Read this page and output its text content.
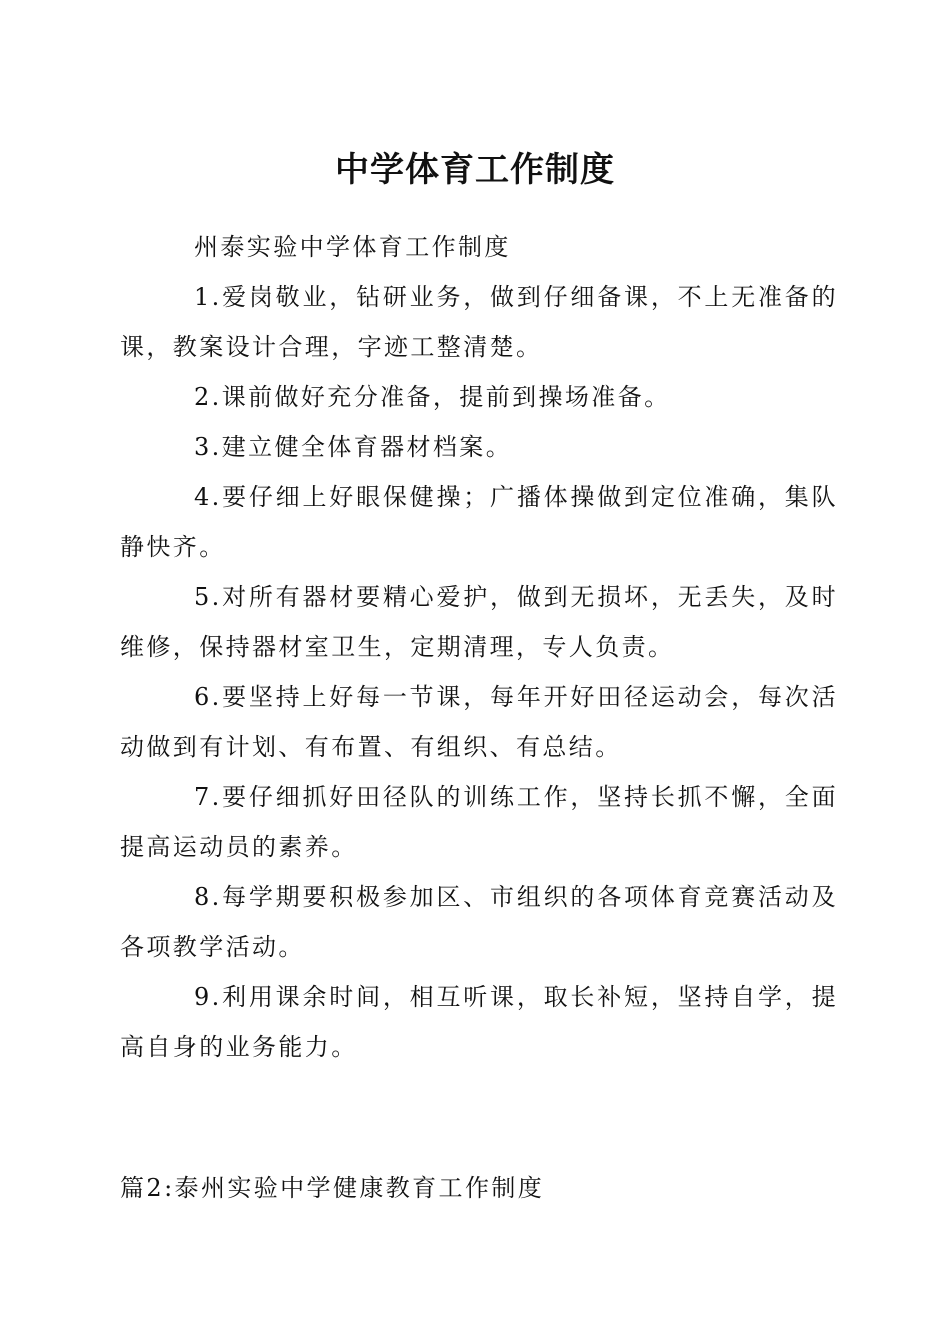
中学体育工作制度

州泰实验中学体育工作制度

1.爱岗敬业，钻研业务，做到仔细备课，不上无准备的课，教案设计合理，字迹工整清楚。

2.课前做好充分准备，提前到操场准备。

3.建立健全体育器材档案。

4.要仔细上好眼保健操；广播体操做到定位准确，集队静快齐。

5.对所有器材要精心爱护，做到无损坏，无丢失，及时维修，保持器材室卫生，定期清理，专人负责。

6.要坚持上好每一节课，每年开好田径运动会，每次活动做到有计划、有布置、有组织、有总结。

7.要仔细抓好田径队的训练工作，坚持长抓不懈，全面提高运动员的素养。

8.每学期要积极参加区、市组织的各项体育竞赛活动及各项教学活动。

9.利用课余时间，相互听课，取长补短，坚持自学，提高自身的业务能力。

篇2:泰州实验中学健康教育工作制度
